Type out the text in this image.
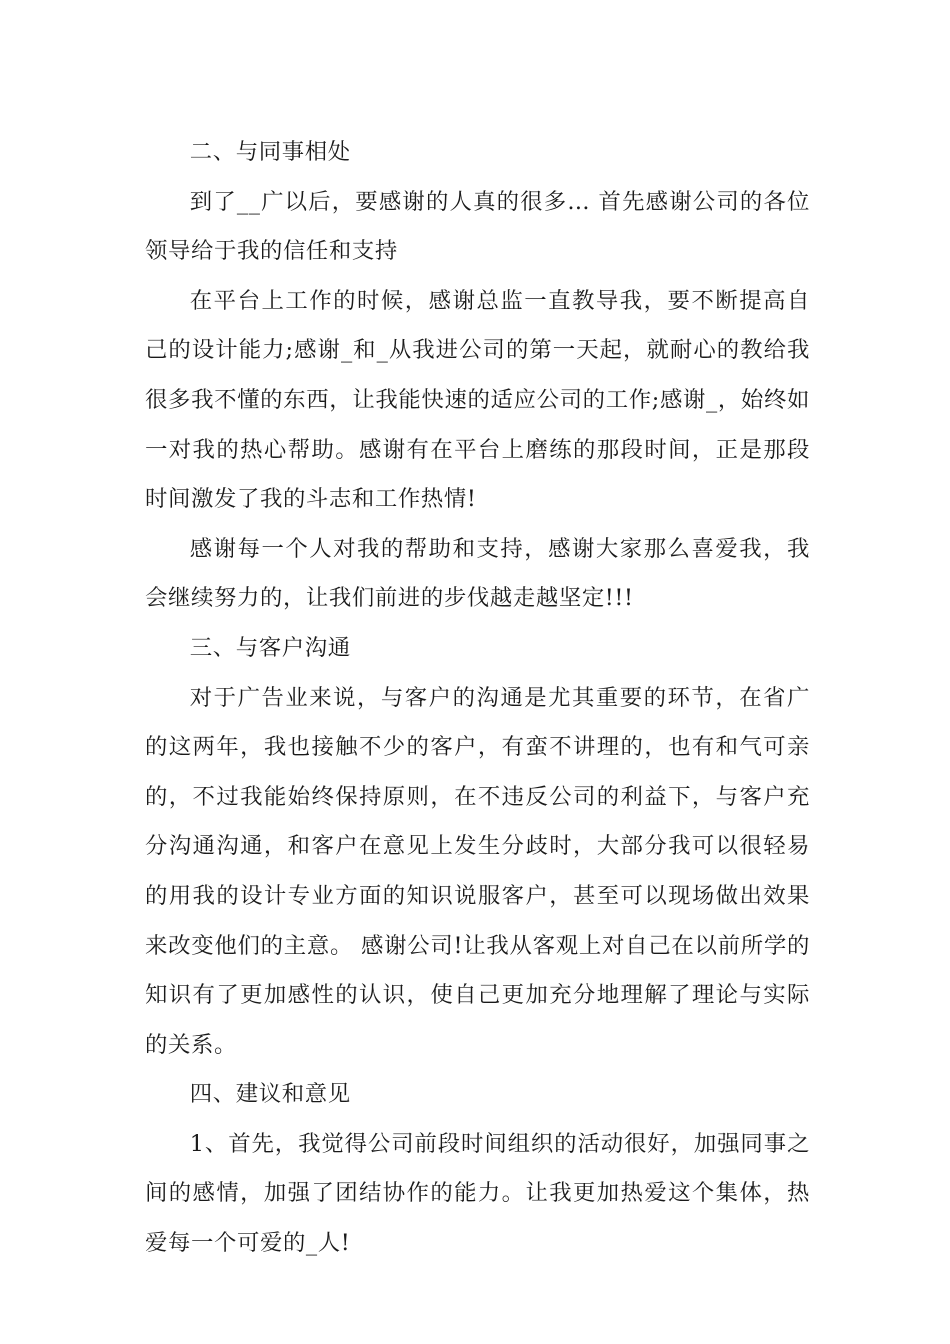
二、与同事相处

到了__广以后，要感谢的人真的很多… 首先感谢公司的各位领导给于我的信任和支持

在平台上工作的时候，感谢总监一直教导我，要不断提高自己的设计能力;感谢_和_从我进公司的第一天起，就耐心的教给我很多我不懂的东西，让我能快速的适应公司的工作;感谢_，始终如一对我的热心帮助。感谢有在平台上磨练的那段时间，正是那段时间激发了我的斗志和工作热情!

感谢每一个人对我的帮助和支持，感谢大家那么喜爱我，我会继续努力的，让我们前进的步伐越走越坚定!!!

三、与客户沟通

对于广告业来说，与客户的沟通是尤其重要的环节，在省广的这两年，我也接触不少的客户，有蛮不讲理的，也有和气可亲的，不过我能始终保持原则，在不违反公司的利益下，与客户充分沟通沟通，和客户在意见上发生分歧时，大部分我可以很轻易的用我的设计专业方面的知识说服客户，甚至可以现场做出效果来改变他们的主意。 感谢公司!让我从客观上对自己在以前所学的知识有了更加感性的认识，使自己更加充分地理解了理论与实际的关系。

四、建议和意见

1、首先，我觉得公司前段时间组织的活动很好，加强同事之间的感情，加强了团结协作的能力。让我更加热爱这个集体，热爱每一个可爱的_人!
